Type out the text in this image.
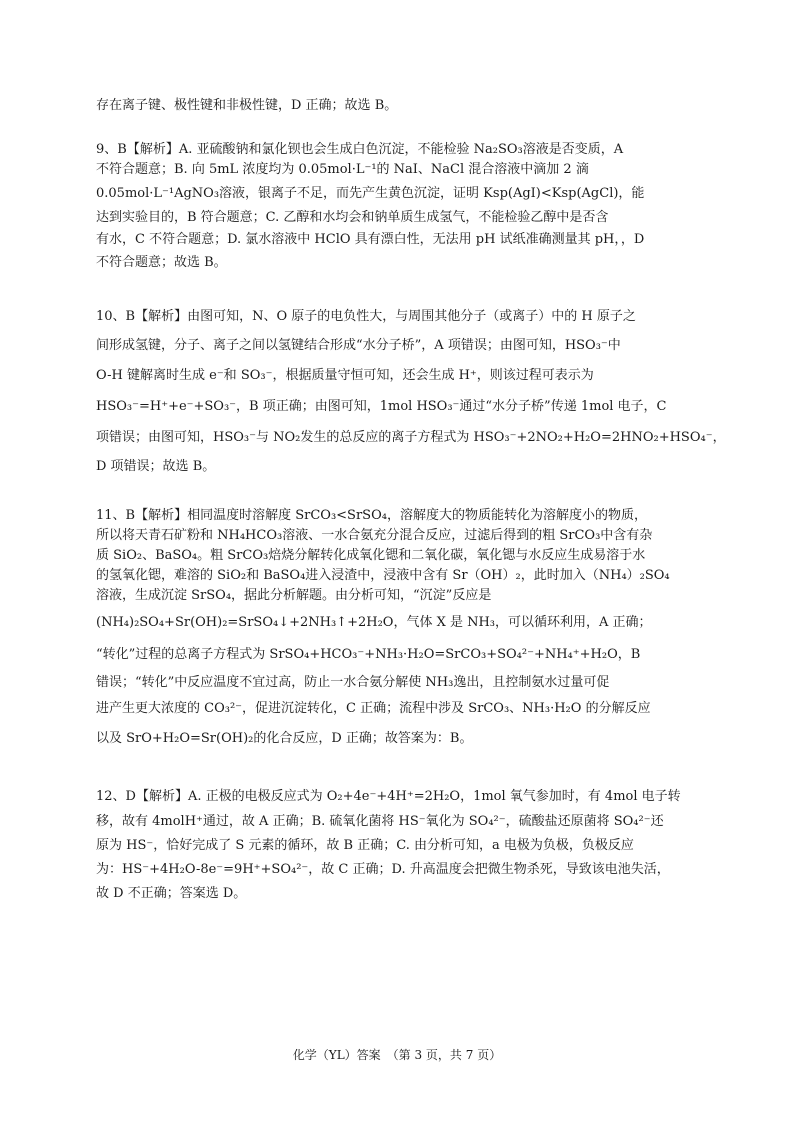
存在离子键、极性键和非极性键，D 正确；故选 B。

9、B【解析】A. 亚硫酸钠和氯化钡也会生成白色沉淀，不能检验 Na₂SO₃溶液是否变质，A

不符合题意；B. 向 5mL 浓度均为 0.05mol·L⁻¹的 NaI、NaCl 混合溶液中滴加 2 滴

0.05mol·L⁻¹AgNO₃溶液，银离子不足，而先产生黄色沉淀，证明 Ksp(AgI)<Ksp(AgCl)，能

达到实验目的，B 符合题意；C. 乙醇和水均会和钠单质生成氢气，不能检验乙醇中是否含

有水，C 不符合题意；D. 氯水溶液中 HClO 具有漂白性，无法用 pH 试纸准确测量其 pH，，D

不符合题意；故选 B。

10、B【解析】由图可知，N、O 原子的电负性大，与周围其他分子（或离子）中的 H 原子之

间形成氢键，分子、离子之间以氢键结合形成“水分子桥”，A 项错误；由图可知，HSO₃⁻中

O-H 键解离时生成 e⁻和 SO₃⁻，根据质量守恒可知，还会生成 H⁺，则该过程可表示为

HSO₃⁻=H⁺+e⁻+SO₃⁻，B 项正确；由图可知，1mol HSO₃⁻通过“水分子桥”传递 1mol 电子，C

项错误；由图可知，HSO₃⁻与 NO₂发生的总反应的离子方程式为 HSO₃⁻+2NO₂+H₂O=2HNO₂+HSO₄⁻，

D 项错误；故选 B。

11、B【解析】相同温度时溶解度 SrCO₃<SrSO₄，溶解度大的物质能转化为溶解度小的物质，

所以将天青石矿粉和 NH₄HCO₃溶液、一水合氨充分混合反应，过滤后得到的粗 SrCO₃中含有杂

质 SiO₂、BaSO₄。粗 SrCO₃焙烧分解转化成氧化锶和二氧化碳，氧化锶与水反应生成易溶于水

的氢氧化锶，难溶的 SiO₂和 BaSO₄进入浸渣中，浸液中含有 Sr（OH）₂，此时加入（NH₄）₂SO₄

溶液，生成沉淀 SrSO₄，据此分析解题。由分析可知，“沉淀”反应是

(NH₄)₂SO₄+Sr(OH)₂=SrSO₄↓+2NH₃↑+2H₂O，气体 X 是 NH₃，可以循环利用，A 正确；

“转化”过程的总离子方程式为 SrSO₄+HCO₃⁻+NH₃·H₂O=SrCO₃+SO₄²⁻+NH₄⁺+H₂O，B

错误；“转化”中反应温度不宜过高，防止一水合氨分解使 NH₃逸出，且控制氨水过量可促

进产生更大浓度的 CO₃²⁻，促进沉淀转化，C 正确；流程中涉及 SrCO₃、NH₃·H₂O 的分解反应

以及 SrO+H₂O=Sr(OH)₂的化合反应，D 正确；故答案为：B。

12、D【解析】A. 正极的电极反应式为 O₂+4e⁻+4H⁺=2H₂O，1mol 氧气参加时，有 4mol 电子转

移，故有 4molH⁺通过，故 A 正确；B. 硫氧化菌将 HS⁻氧化为 SO₄²⁻，硫酸盐还原菌将 SO₄²⁻还

原为 HS⁻，恰好完成了 S 元素的循环，故 B 正确；C. 由分析可知，a 电极为负极，负极反应

为：HS⁻+4H₂O-8e⁻=9H⁺+SO₄²⁻，故 C 正确；D. 升高温度会把微生物杀死，导致该电池失活，

故 D 不正确；答案选 D。

化学（YL）答案　（第 3 页，共 7 页）
